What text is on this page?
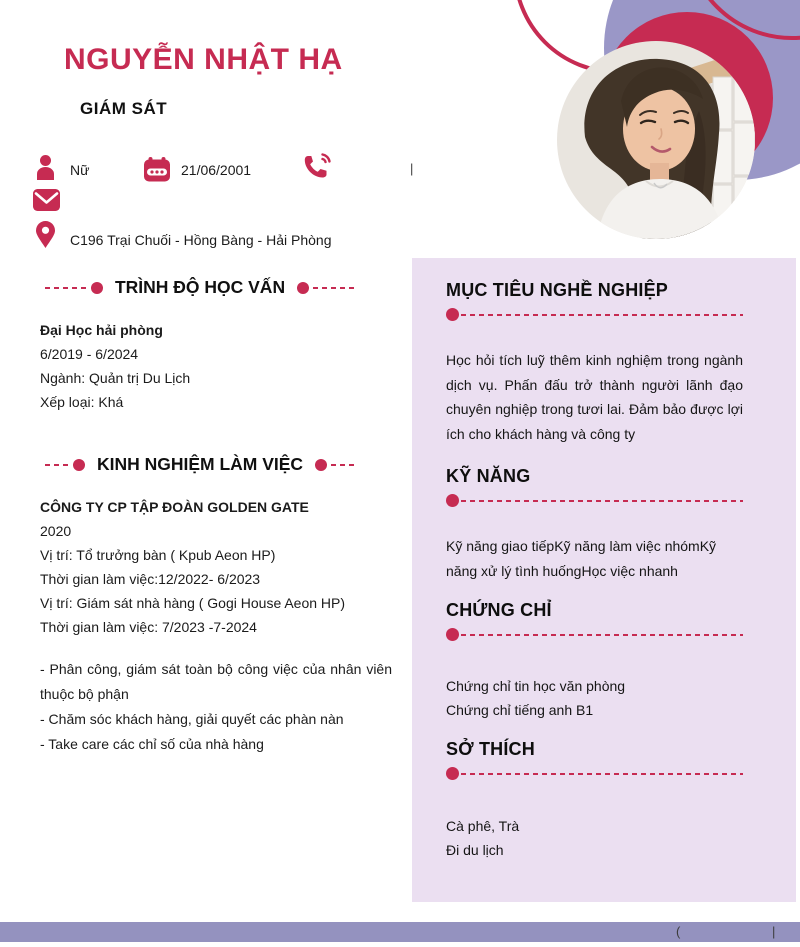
NGUYỄN NHẬT HẠ
GIÁM SÁT
Nữ	21/06/2001	|
C196 Trại Chuối - Hồng Bàng - Hải Phòng
TRÌNH ĐỘ HỌC VẤN

Đại Học hải phòng

6/2019 - 6/2024

Ngành: Quản trị Du Lịch

Xếp loại: Khá

KINH NGHIỆM LÀM VIỆC

CÔNG TY CP TẬP ĐOÀN GOLDEN GATE

2020

Vị trí: Tổ trưởng bàn ( Kpub Aeon HP)

Thời gian làm việc:12/2022- 6/2023

Vị trí: Giám sát nhà hàng ( Gogi House Aeon HP)

Thời gian làm việc: 7/2023 -7-2024

- Phân công, giám sát toàn bộ công việc của nhân viên thuộc bộ phận

- Chăm sóc khách hàng, giải quyết các phàn nàn

- Take care các chỉ số của nhà hàng

MỤC TIÊU NGHỀ NGHIỆP
Học hỏi tích luỹ thêm kinh nghiệm trong ngành dịch vụ. Phấn đấu trở thành người lãnh đạo chuyên nghiệp trong tươi lai. Đảm bảo được lợi ích cho khách hàng và công ty
KỸ NĂNG
Kỹ năng giao tiếpKỹ năng làm việc nhómKỹ năng xử lý tình huốngHọc việc nhanh
CHỨNG CHỈ

Chứng chỉ tin học văn phòng

Chứng chỉ tiếng anh B1

SỞ THÍCH

Cà phê, Trà

Đi du lịch

(	|
